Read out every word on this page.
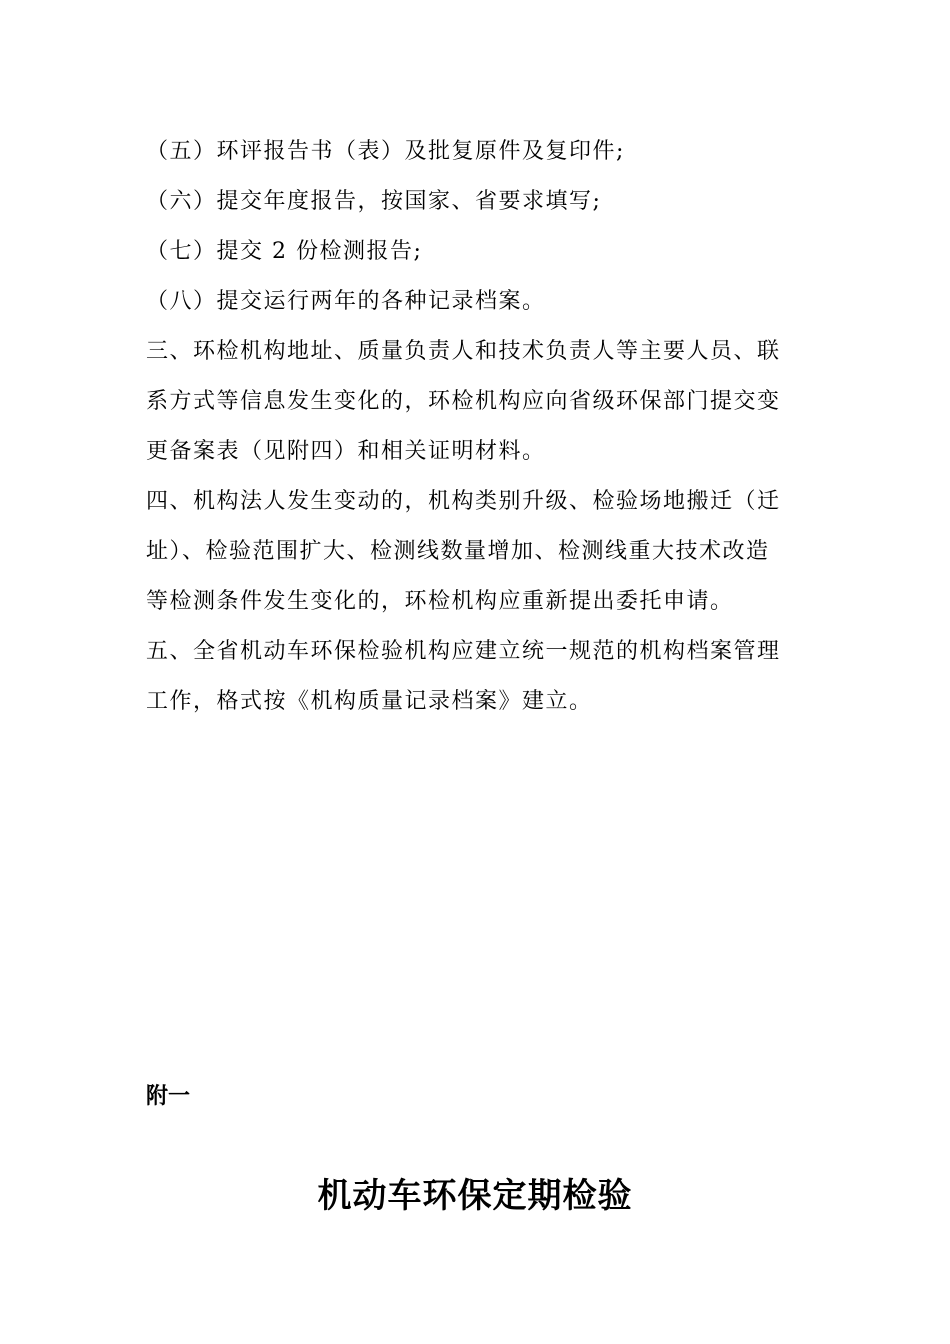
（五）环评报告书（表）及批复原件及复印件;
（六）提交年度报告，按国家、省要求填写;
（七）提交 2 份检测报告;
（八）提交运行两年的各种记录档案。
三、环检机构地址、质量负责人和技术负责人等主要人员、联
系方式等信息发生变化的，环检机构应向省级环保部门提交变
更备案表（见附四）和相关证明材料。
四、机构法人发生变动的，机构类别升级、检验场地搬迁（迁
址）、检验范围扩大、检测线数量增加、检测线重大技术改造
等检测条件发生变化的，环检机构应重新提出委托申请。
五、全省机动车环保检验机构应建立统一规范的机构档案管理
工作，格式按《机构质量记录档案》建立。
附一
机动车环保定期检验
